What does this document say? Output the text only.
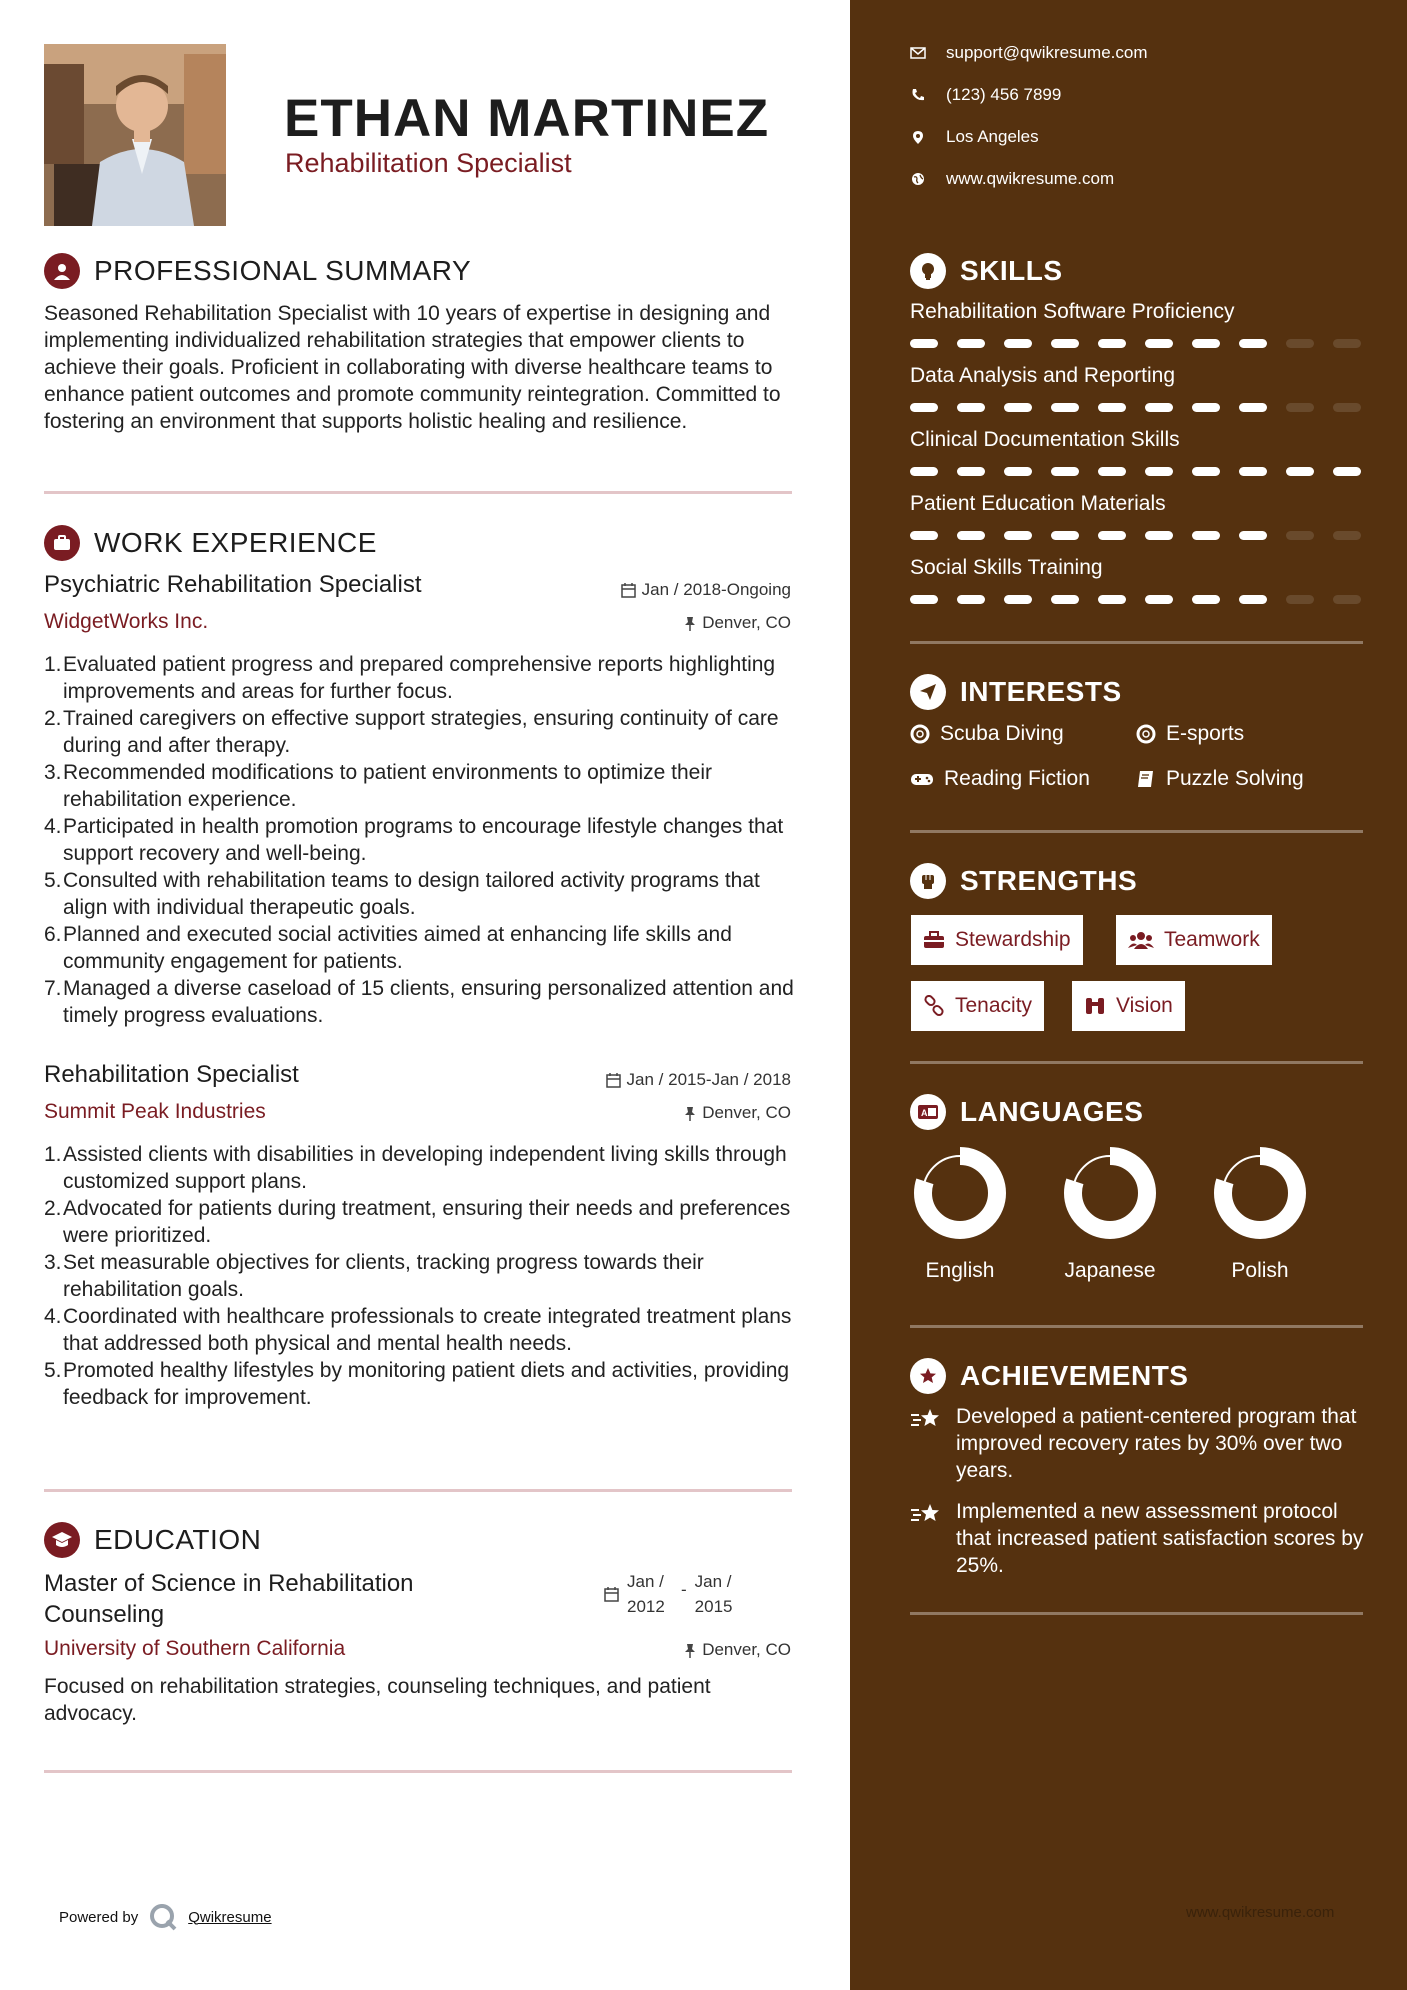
ETHAN MARTINEZ
Rehabilitation Specialist
PROFESSIONAL SUMMARY
Seasoned Rehabilitation Specialist with 10 years of expertise in designing and implementing individualized rehabilitation strategies that empower clients to achieve their goals. Proficient in collaborating with diverse healthcare teams to enhance patient outcomes and promote community reintegration. Committed to fostering an environment that supports holistic healing and resilience.
WORK EXPERIENCE
Psychiatric Rehabilitation Specialist	Jan / 2018-Ongoing
WidgetWorks Inc.	Denver, CO
1. Evaluated patient progress and prepared comprehensive reports highlighting improvements and areas for further focus.
2. Trained caregivers on effective support strategies, ensuring continuity of care during and after therapy.
3. Recommended modifications to patient environments to optimize their rehabilitation experience.
4. Participated in health promotion programs to encourage lifestyle changes that support recovery and well-being.
5. Consulted with rehabilitation teams to design tailored activity programs that align with individual therapeutic goals.
6. Planned and executed social activities aimed at enhancing life skills and community engagement for patients.
7. Managed a diverse caseload of 15 clients, ensuring personalized attention and timely progress evaluations.
Rehabilitation Specialist	Jan / 2015-Jan / 2018
Summit Peak Industries	Denver, CO
1. Assisted clients with disabilities in developing independent living skills through customized support plans.
2. Advocated for patients during treatment, ensuring their needs and preferences were prioritized.
3. Set measurable objectives for clients, tracking progress towards their rehabilitation goals.
4. Coordinated with healthcare professionals to create integrated treatment plans that addressed both physical and mental health needs.
5. Promoted healthy lifestyles by monitoring patient diets and activities, providing feedback for improvement.
EDUCATION
Master of Science in Rehabilitation Counseling
Jan /
2012
- Jan /
2015
University of Southern California	Denver, CO
Focused on rehabilitation strategies, counseling techniques, and patient advocacy.
Powered by	Qwikresume
support@qwikresume.com
(123) 456 7899
Los Angeles
www.qwikresume.com
SKILLS
Rehabilitation Software Proficiency
Data Analysis and Reporting
Clinical Documentation Skills
Patient Education Materials
Social Skills Training
INTERESTS
Scuba Diving	E-sports
Reading Fiction	Puzzle Solving
STRENGTHS
Stewardship	Teamwork
Tenacity	Vision
A LANGUAGES
English	Japanese	Polish
ACHIEVEMENTS
Developed a patient-centered program that improved recovery rates by 30% over two years.
Implemented a new assessment protocol that increased patient satisfaction scores by 25%.
www.qwikresume.com
